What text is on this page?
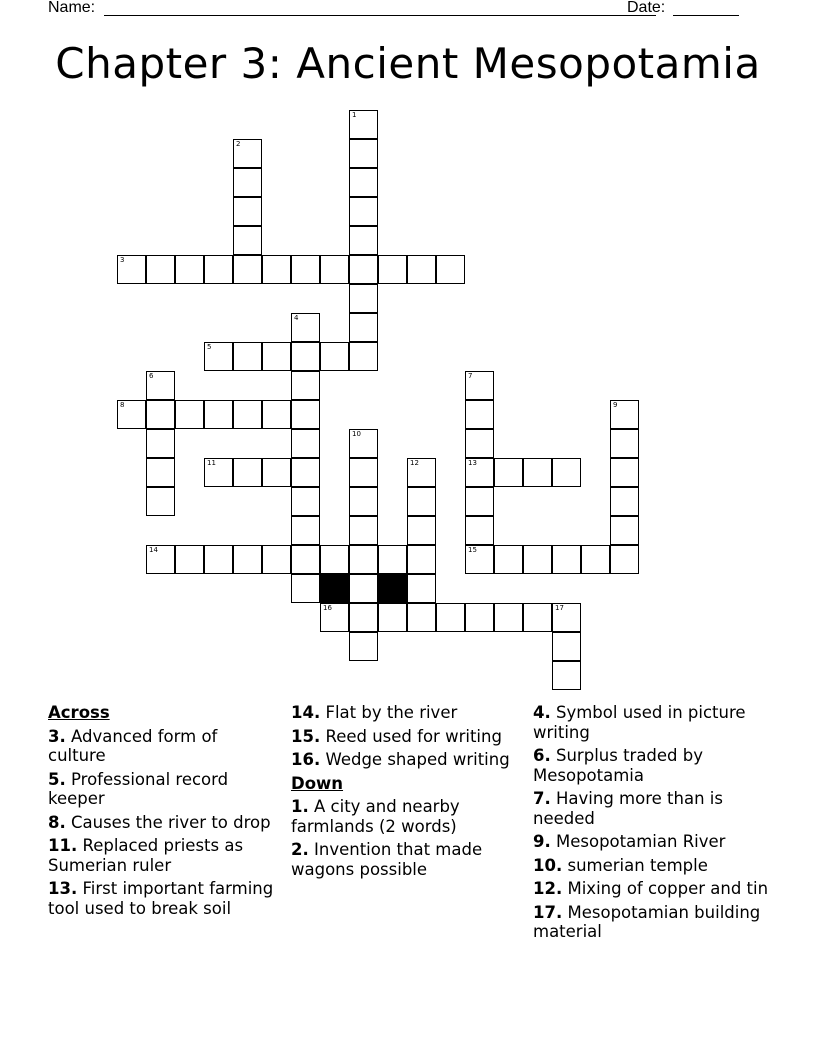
Name:	Date:
Chapter 3: Ancient Mesopotamia
1
2
3
4
5
6	7
13
15
8	9
10
11	12
14
16	17
Across
3. Advanced form of culture
5. Professional record keeper
8. Causes the river to drop
11. Replaced priests as Sumerian ruler
13. First important farming tool used to break soil
14. Flat by the river
15. Reed used for writing
16. Wedge shaped writing
Down
1. A city and nearby farmlands (2 words)
2. Invention that made wagons possible
4. Symbol used in picture writing
6. Surplus traded by Mesopotamia
7. Having more than is needed
9. Mesopotamian River
10. sumerian temple
12. Mixing of copper and tin
17. Mesopotamian building material
